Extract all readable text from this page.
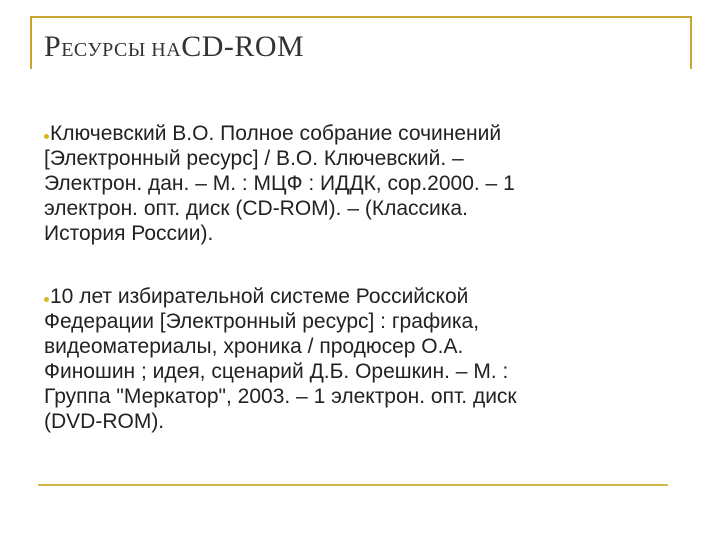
РЕСУРСЫ НАCD-ROM
Ключевский В.О. Полное собрание сочинений
[Электронный ресурс] / В.О. Ключевский. –
Электрон. дан. – М. : МЦФ : ИДДК, cop.2000. – 1
электрон. опт. диск (CD-ROM). – (Классика.
История России).
10 лет избирательной системе Российской
Федерации [Электронный ресурс] : графика,
видеоматериалы, хроника / продюсер О.А.
Финошин ; идея, сценарий Д.Б. Орешкин. – М. :
Группа "Меркатор", 2003. – 1 электрон. опт. диск
(DVD-ROM).
